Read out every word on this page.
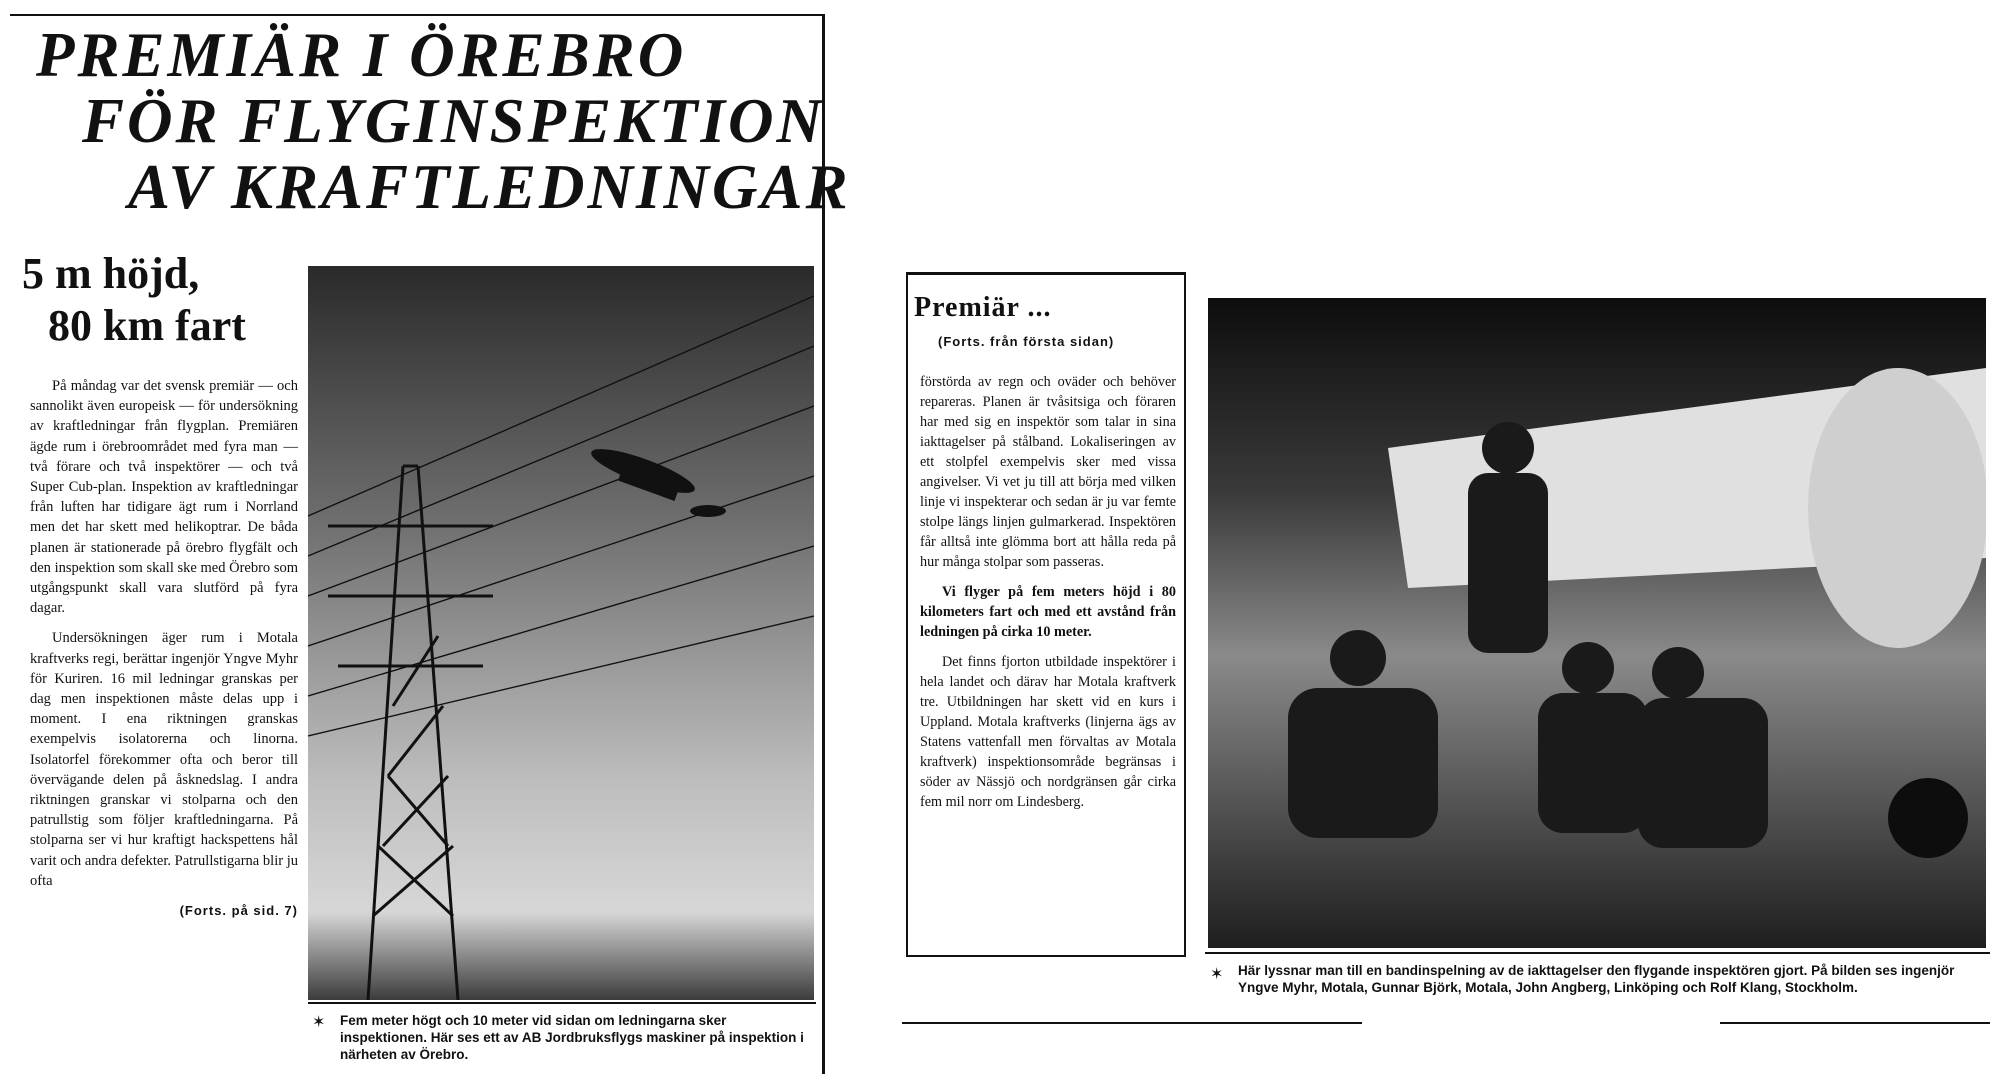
PREMIÄR I ÖREBRO
FÖR FLYGINSPEKTION
AV KRAFTLEDNINGAR
5 m höjd,
80 km fart

På måndag var det svensk premiär — och sannolikt även europeisk — för undersökning av kraftledningar från flygplan. Premiären ägde rum i örebroområdet med fyra man — två förare och två inspektörer — och två Super Cub-plan. Inspektion av kraftledningar från luften har tidigare ägt rum i Norrland men det har skett med helikoptrar. De båda planen är stationerade på örebro flygfält och den inspektion som skall ske med Örebro som utgångspunkt skall vara slutförd på fyra dagar.

Undersökningen äger rum i Motala kraftverks regi, berättar ingenjör Yngve Myhr för Kuriren. 16 mil ledningar granskas per dag men inspektionen måste delas upp i moment. I ena riktningen granskas exempelvis isolatorerna och linorna. Isolatorfel förekommer ofta och beror till övervägande delen på åsknedslag. I andra riktningen granskar vi stolparna och den patrullstig som följer kraftledningarna. På stolparna ser vi hur kraftigt hackspettens hål varit och andra defekter. Patrullstigarna blir ju ofta

(Forts. på sid. 7)
✶ Fem meter högt och 10 meter vid sidan om ledningarna sker inspektionen. Här ses ett av AB Jordbruksflygs maskiner på inspektion i närheten av Örebro.
Premiär ...
(Forts. från första sidan)

förstörda av regn och oväder och behöver repareras. Planen är tvåsitsiga och föraren har med sig en inspektör som talar in sina iakttagelser på stålband. Lokaliseringen av ett stolpfel exempelvis sker med vissa angivelser. Vi vet ju till att börja med vilken linje vi inspekterar och sedan är ju var femte stolpe längs linjen gulmarkerad. Inspektören får alltså inte glömma bort att hålla reda på hur många stolpar som passeras.

Vi flyger på fem meters höjd i 80 kilometers fart och med ett avstånd från ledningen på cirka 10 meter.

Det finns fjorton utbildade inspektörer i hela landet och därav har Motala kraftverk tre. Utbildningen har skett vid en kurs i Uppland. Motala kraftverks (linjerna ägs av Statens vattenfall men förvaltas av Motala kraftverk) inspektionsområde begränsas i söder av Nässjö och nordgränsen går cirka fem mil norr om Lindesberg.

✶ Här lyssnar man till en bandinspelning av de iakttagelser den flygande inspektören gjort. På bilden ses ingenjör Yngve Myhr, Motala, Gunnar Björk, Motala, John Angberg, Linköping och Rolf Klang, Stockholm.
